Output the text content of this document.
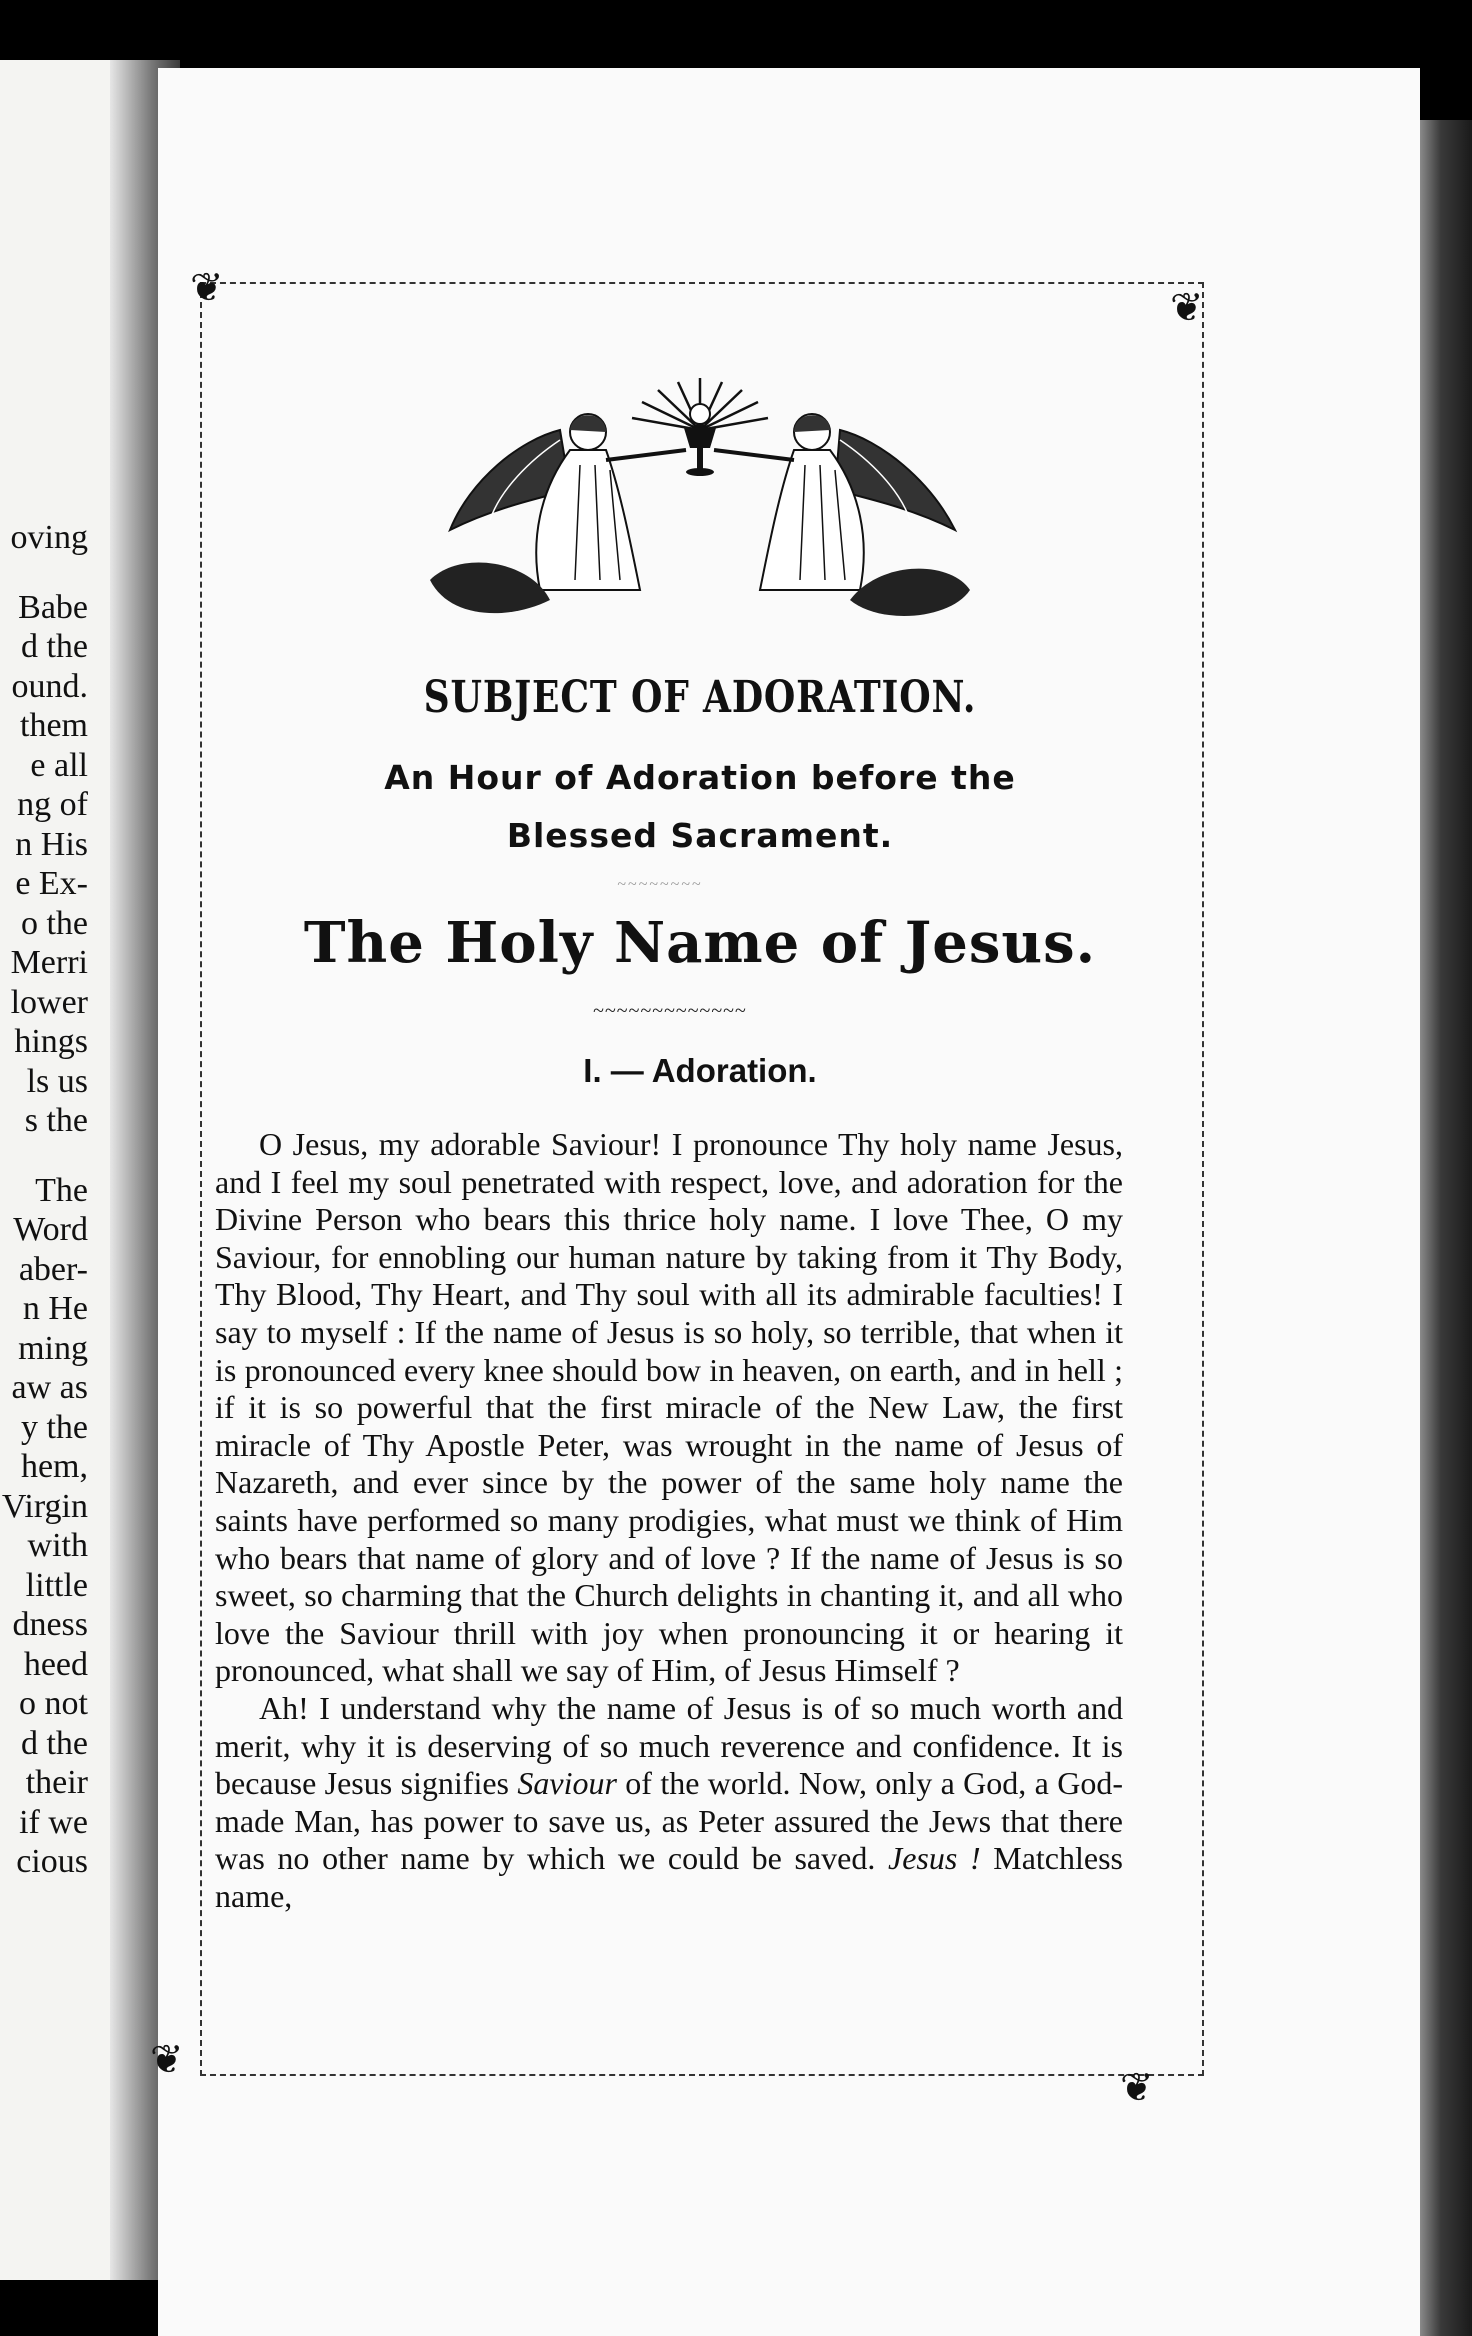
oving
Babe
d the
ound.
them
e all
ng of
n His
e Ex-
o the
Merri
lower
hings
ls us
s the
The
Word
aber-
n He
ming
aw as
y the
hem,
Virgin
with
little
dness
heed
o not
d the
their
if we
cious
❦	❦
❦
❦
SUBJECT OF ADORATION.
An Hour of Adoration before the
Blessed Sacrament.
~~~~~~~~
The Holy Name of Jesus.
~~~~~~~~~~~~~
I. — Adoration.

O Jesus, my adorable Saviour! I pronounce Thy holy name Jesus, and I feel my soul penetrated with respect, love, and adoration for the Divine Person who bears this thrice holy name. I love Thee, O my Saviour, for ennobling our human nature by taking from it Thy Body, Thy Blood, Thy Heart, and Thy soul with all its admirable faculties! I say to myself : If the name of Jesus is so holy, so terrible, that when it is pronounced every knee should bow in heaven, on earth, and in hell ; if it is so powerful that the first miracle of the New Law, the first miracle of Thy Apostle Peter, was wrought in the name of Jesus of Nazareth, and ever since by the power of the same holy name the saints have performed so many prodigies, what must we think of Him who bears that name of glory and of love ? If the name of Jesus is so sweet, so charming that the Church delights in chanting it, and all who love the Saviour thrill with joy when pronouncing it or hearing it pronounced, what shall we say of Him, of Jesus Himself ?

Ah! I understand why the name of Jesus is of so much worth and merit, why it is deserving of so much reverence and confidence. It is because Jesus signifies Saviour of the world. Now, only a God, a God-made Man, has power to save us, as Peter assured the Jews that there was no other name by which we could be saved. Jesus ! Matchless name,
